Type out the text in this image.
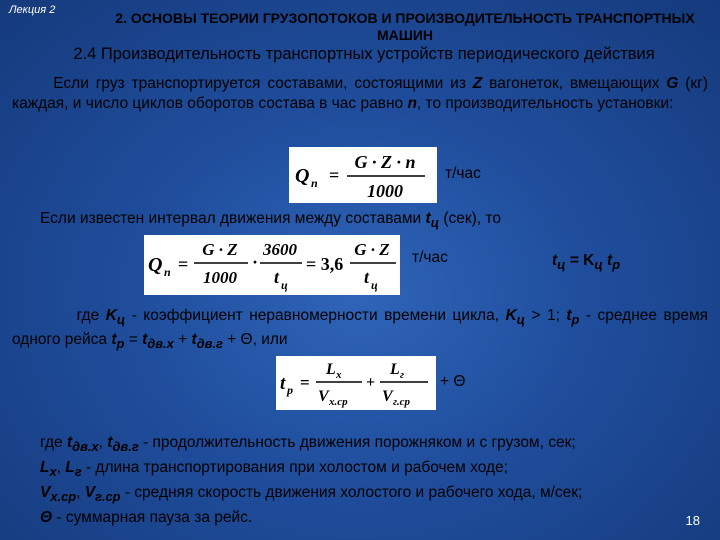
Лекция 2	2. ОСНОВЫ ТЕОРИИ ГРУЗОПОТОКОВ И ПРОИЗВОДИТЕЛЬНОСТЬ ТРАНСПОРТНЫХ МАШИН
2.4 Производительность транспортных устройств периодического действия
Если груз транспортируется составами, состоящими из Z вагонеток, вмещающих G (кг) каждая, и число циклов оборотов состава в час равно n, то производительность установки:
Q п =
G · Z · n
1000
т/час
Если известен интервал движения между составами $t_ц$ (сек), то
Q п =
G · Z
1000
·
3600
t ц
= 3,6
G · Z
t ц
т/час	$t_ц = K_ц$ $t_р$
где $K_ц$ - коэффициент неравномерности времени цикла, $K_ц > 1$; $t_р$ - среднее время одного рейса $t_р = t_{дв.х} + t_{дв.г} + \Theta$, или
t р =
L x
V x.ср
+
L г
V г.ср
+ Θ
где $t_{дв.х}$, $t_{дв.г}$ - продолжительность движения порожняком и с грузом, сек;
$L_х$, $L_г$ - длина транспортирования при холостом и рабочем ходе;
$V_{х.ср}$, $V_{г.ср}$ - средняя скорость движения холостого и рабочего хода, м/сек;
Θ - суммарная пауза за рейс.	18
